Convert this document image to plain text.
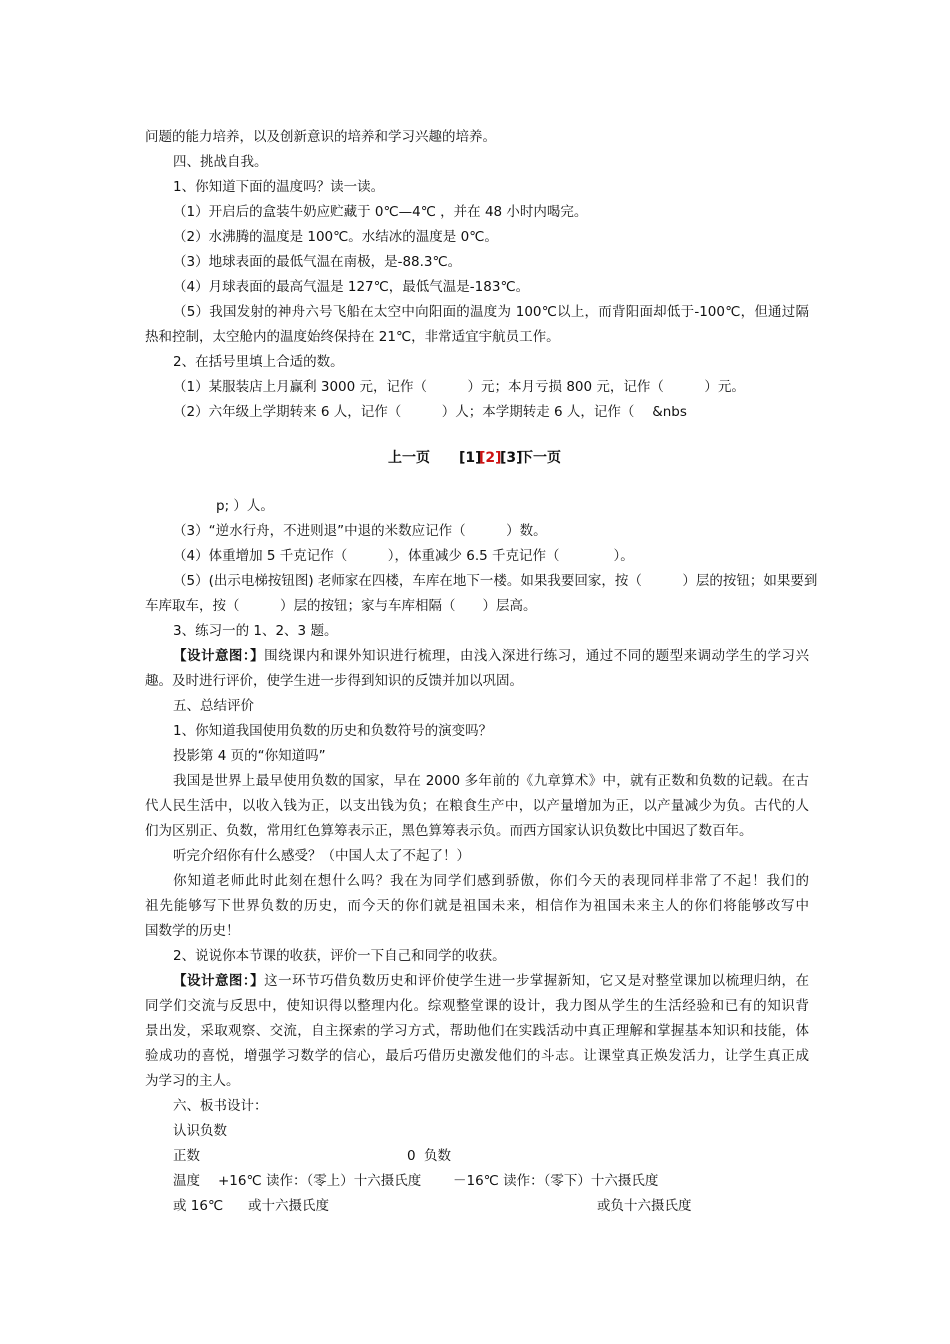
问题的能力培养，以及创新意识的培养和学习兴趣的培养。
四、挑战自我。
1、你知道下面的温度吗？读一读。
（1）开启后的盒装牛奶应贮藏于 0℃—4℃ ，并在 48 小时内喝完。
（2）水沸腾的温度是 100℃。水结冰的温度是 0℃。
（3）地球表面的最低气温在南极，是-88.3℃。
（4）月球表面的最高气温是 127℃，最低气温是-183℃。
（5）我国发射的神舟六号飞船在太空中向阳面的温度为 100℃以上，而背阳面却低于-100℃，但通过隔
热和控制，太空舱内的温度始终保持在 21℃，非常适宜宇航员工作。
2、在括号里填上合适的数。
（1）某服装店上月赢利 3000 元，记作（　　　）元；本月亏损 800 元，记作（　　　）元。
（2）六年级上学期转来 6 人，记作（　　　）人；本学期转走 6 人，记作（　 &nbs
上一页 [1]
[2]
[3]
下一页
p; ）人。
（3）“逆水行舟，不进则退”中退的米数应记作（　　　）数。
（4）体重增加 5 千克记作（　　　），体重减少 6.5 千克记作（　　　　）。
（5）(出示电梯按钮图) 老师家在四楼，车库在地下一楼。如果我要回家，按（　　　）层的按钮；如果要到
车库取车，按（　　　）层的按钮；家与车库相隔（　　）层高。
3、练习一的 1、2、3 题。
【设计意图：】围绕课内和课外知识进行梳理，由浅入深进行练习，通过不同的题型来调动学生的学习兴
趣。及时进行评价，使学生进一步得到知识的反馈并加以巩固。
五、总结评价
1、你知道我国使用负数的历史和负数符号的演变吗？
投影第 4 页的“你知道吗”
我国是世界上最早使用负数的国家，早在 2000 多年前的《九章算术》中，就有正数和负数的记载。在古
代人民生活中，以收入钱为正，以支出钱为负；在粮食生产中，以产量增加为正，以产量减少为负。古代的人
们为区别正、负数，常用红色算筹表示正，黑色算筹表示负。而西方国家认识负数比中国迟了数百年。
听完介绍你有什么感受？（中国人太了不起了！）
你知道老师此时此刻在想什么吗？我在为同学们感到骄傲，你们今天的表现同样非常了不起！我们的
祖先能够写下世界负数的历史，而今天的你们就是祖国未来，相信作为祖国未来主人的你们将能够改写中
国数学的历史！
2、说说你本节课的收获，评价一下自己和同学的收获。
【设计意图：】这一环节巧借负数历史和评价使学生进一步掌握新知，它又是对整堂课加以梳理归纳，在
同学们交流与反思中，使知识得以整理内化。综观整堂课的设计，我力图从学生的生活经验和已有的知识背
景出发，采取观察、交流，自主探索的学习方式，帮助他们在实践活动中真正理解和掌握基本知识和技能，体
验成功的喜悦，增强学习数学的信心，最后巧借历史激发他们的斗志。让课堂真正焕发活力，让学生真正成
为学习的主人。
六、板书设计：
认识负数
正数	0 负数
温度 +16℃ 读作：（零上）十六摄氏度 －16℃ 读作：（零下）十六摄氏度
或 16℃ 或十六摄氏度	或负十六摄氏度
